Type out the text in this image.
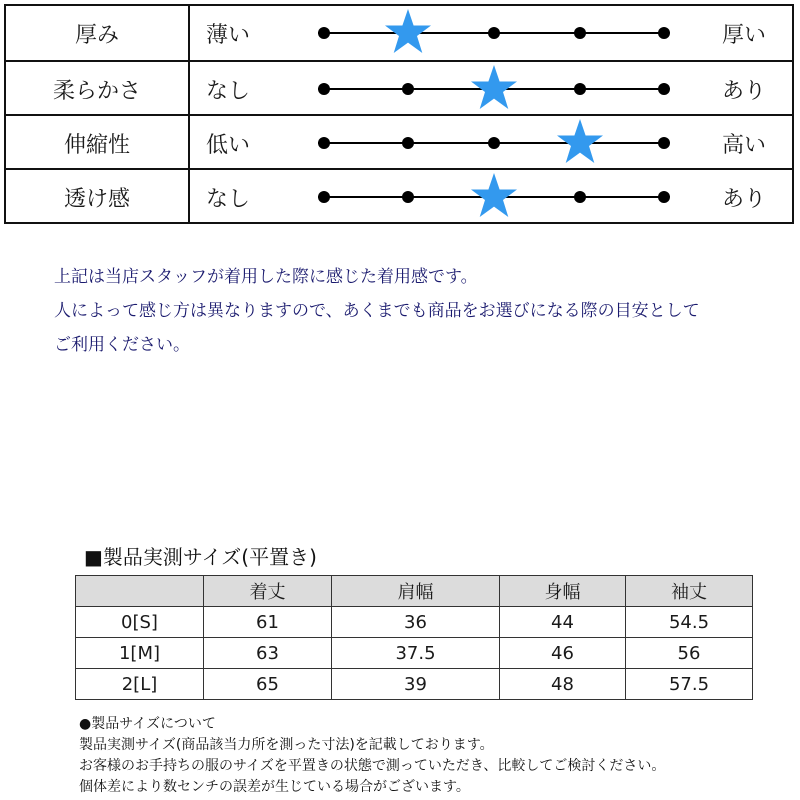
厚み	薄い	厚い
柔らかさ	なし	あり
伸縮性	低い	高い
透け感	なし	あり
上記は当店スタッフが着用した際に感じた着用感です。
人によって感じ方は異なりますので、あくまでも商品をお選びになる際の目安として
ご利用ください。
■製品実測サイズ(平置き)
	着丈	肩幅	身幅	袖丈
0[S]	61	36	44	54.5
1[M]	63	37.5	46	56
2[L]	65	39	48	57.5
●製品サイズについて
製品実測サイズ(商品該当力所を測った寸法)を記載しております。
お客様のお手持ちの服のサイズを平置きの状態で測っていただき、比較してご検討ください。
個体差により数センチの誤差が生じている場合がございます。
